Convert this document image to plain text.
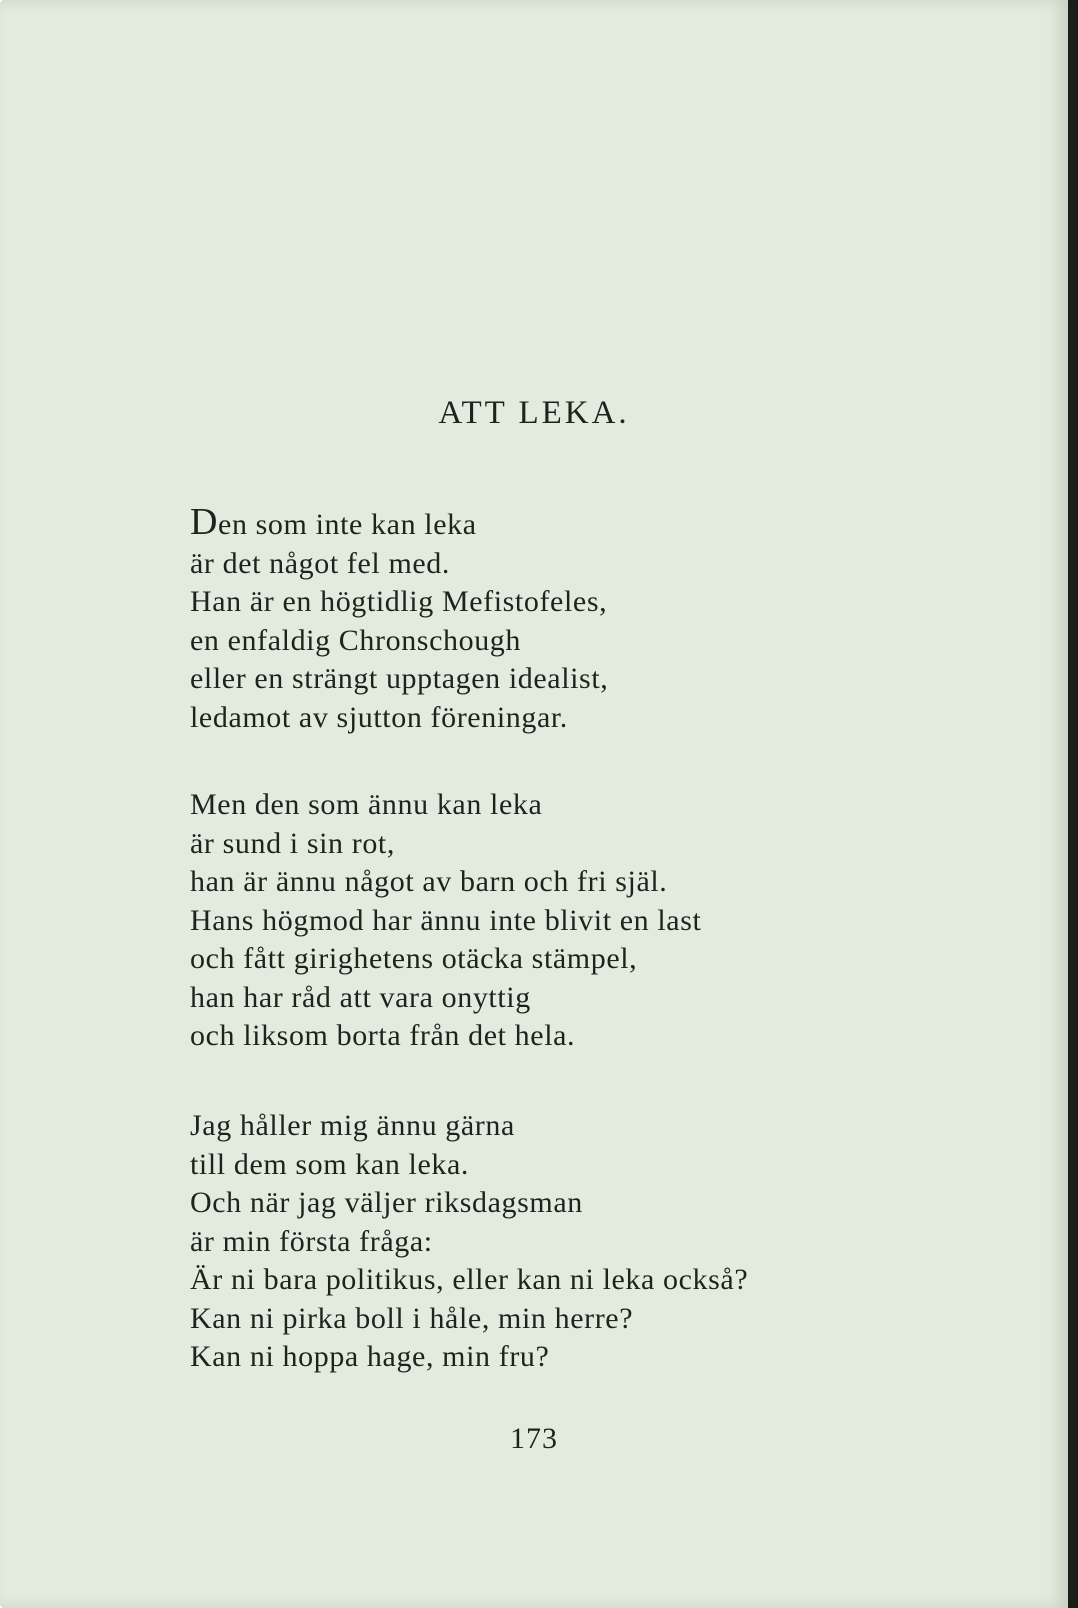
ATT LEKA.
Den som inte kan leka
är det något fel med.
Han är en högtidlig Mefistofeles,
en enfaldig Chronschough
eller en strängt upptagen idealist,
ledamot av sjutton föreningar.
Men den som ännu kan leka
är sund i sin rot,
han är ännu något av barn och fri själ.
Hans högmod har ännu inte blivit en last
och fått girighetens otäcka stämpel,
han har råd att vara onyttig
och liksom borta från det hela.
Jag håller mig ännu gärna
till dem som kan leka.
Och när jag väljer riksdagsman
är min första fråga:
Är ni bara politikus, eller kan ni leka också?
Kan ni pirka boll i håle, min herre?
Kan ni hoppa hage, min fru?
173
